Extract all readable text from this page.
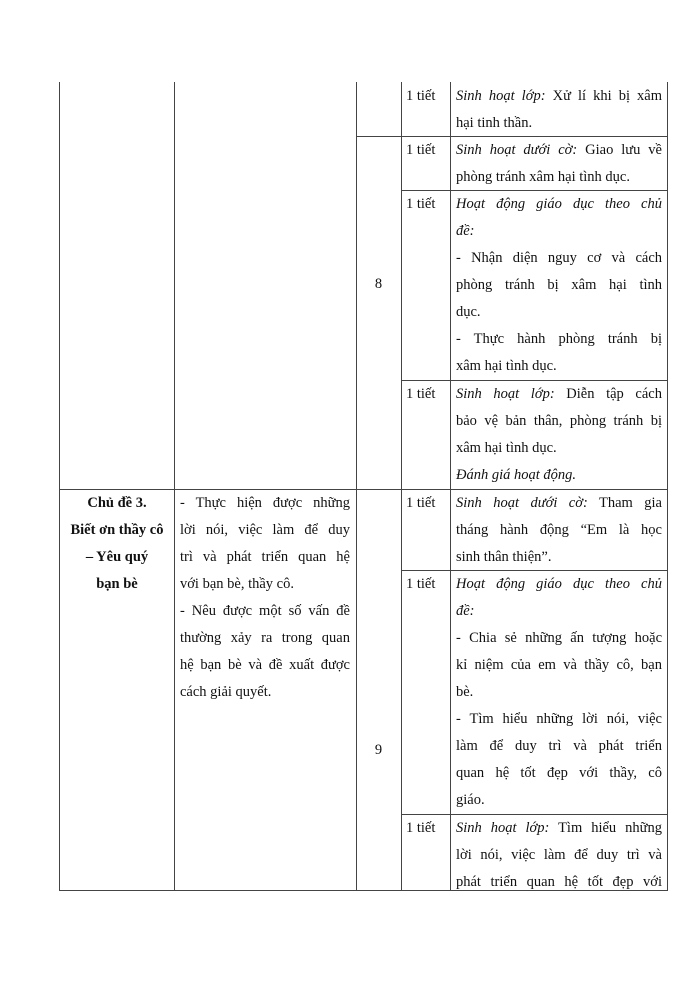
8
9
1 tiết
1 tiết
1 tiết
1 tiết
1 tiết
1 tiết
1 tiết
Sinh hoạt lớp: Xử lí khi bị xâm
hại tinh thần.
Sinh hoạt dưới cờ: Giao lưu về
phòng tránh xâm hại tình dục.
Hoạt động giáo dục theo chủ
đề:
- Nhận diện nguy cơ và cách
phòng tránh bị xâm hại tình
dục.
- Thực hành phòng tránh bị
xâm hại tình dục.
Sinh hoạt lớp: Diễn tập cách
bảo vệ bản thân, phòng tránh bị
xâm hại tình dục.
Đánh giá hoạt động.
Chủ đề 3.
Biết ơn thầy cô
– Yêu quý
bạn bè
- Thực hiện được những
lời nói, việc làm để duy
trì và phát triển quan hệ
với bạn bè, thầy cô.
- Nêu được một số vấn đề
thường xảy ra trong quan
hệ bạn bè và đề xuất được
cách giải quyết.
Sinh hoạt dưới cờ: Tham gia
tháng hành động “Em là học
sinh thân thiện”.
Hoạt động giáo dục theo chủ
đề:
- Chia sẻ những ấn tượng hoặc
kỉ niệm của em và thầy cô, bạn
bè.
- Tìm hiểu những lời nói, việc
làm để duy trì và phát triển
quan hệ tốt đẹp với thầy, cô
giáo.
Sinh hoạt lớp: Tìm hiểu những
lời nói, việc làm để duy trì và
phát triển quan hệ tốt đẹp với
